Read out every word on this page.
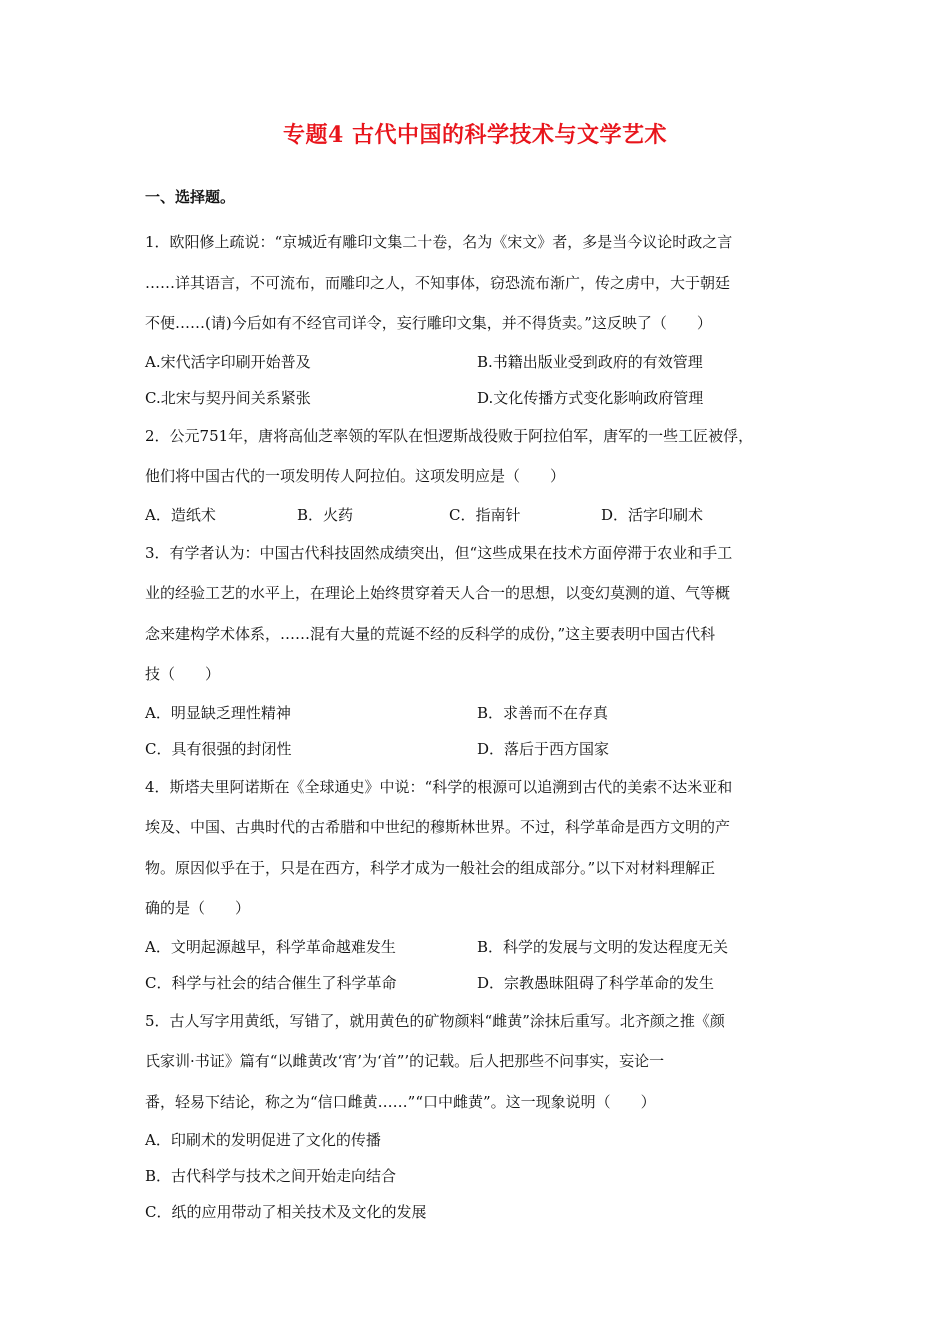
专题4 古代中国的科学技术与文学艺术
一、选择题。

1．欧阳修上疏说：“京城近有雕印文集二十卷，名为《宋文》者，多是当今议论时政之言

……详其语言，不可流布，而雕印之人，不知事体，窃恐流布渐广，传之虏中，大于朝廷

不便……(请)今后如有不经官司详令，妄行雕印文集，并不得货卖。”这反映了（　　）

A.宋代活字印刷开始普及	B.书籍出版业受到政府的有效管理
C.北宋与契丹间关系紧张	D.文化传播方式变化影响政府管理

2．公元751年，唐将高仙芝率领的军队在怛逻斯战役败于阿拉伯军，唐军的一些工匠被俘，

他们将中国古代的一项发明传人阿拉伯。这项发明应是（　　）

A．造纸术	B．火药	C．指南针	D．活字印刷术

3．有学者认为：中国古代科技固然成绩突出，但“这些成果在技术方面停滞于农业和手工

业的经验工艺的水平上，在理论上始终贯穿着天人合一的思想，以变幻莫测的道、气等概

念来建构学术体系，……混有大量的荒诞不经的反科学的成份，”这主要表明中国古代科

技（　　）

A．明显缺乏理性精神	B．求善而不在存真
C．具有很强的封闭性	D．落后于西方国家

4．斯塔夫里阿诺斯在《全球通史》中说：“科学的根源可以追溯到古代的美索不达米亚和

埃及、中国、古典时代的古希腊和中世纪的穆斯林世界。不过，科学革命是西方文明的产

物。原因似乎在于，只是在西方，科学才成为一般社会的组成部分。”以下对材料理解正

确的是（　　）

A．文明起源越早，科学革命越难发生	B．科学的发展与文明的发达程度无关
C．科学与社会的结合催生了科学革命	D．宗教愚昧阻碍了科学革命的发生

5．古人写字用黄纸，写错了，就用黄色的矿物颜料“雌黄”涂抹后重写。北齐颜之推《颜

氏家训·书证》篇有“以雌黄改‘宵’为‘首”’的记载。后人把那些不问事实，妄论一

番，轻易下结论，称之为“信口雌黄……”“口中雌黄”。这一现象说明（　　）

A．印刷术的发明促进了文化的传播
B．古代科学与技术之间开始走向结合
C．纸的应用带动了相关技术及文化的发展
